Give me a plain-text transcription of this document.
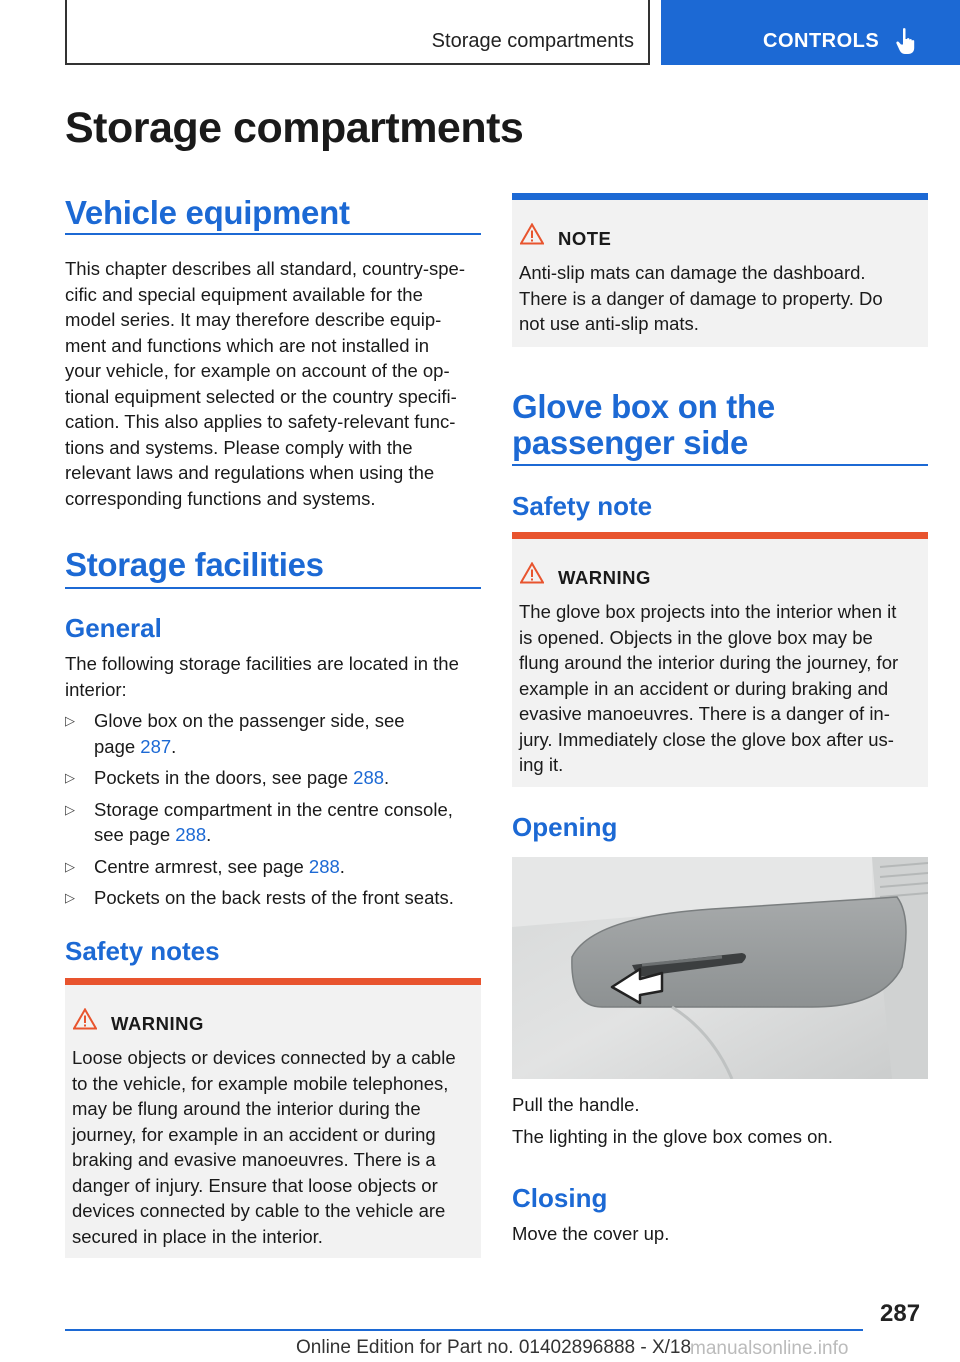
Storage compartments	CONTROLS
Storage compartments
Vehicle equipment
This chapter describes all standard, country-spe-
cific and special equipment available for the
model series. It may therefore describe equip-
ment and functions which are not installed in
your vehicle, for example on account of the op-
tional equipment selected or the country specifi-
cation. This also applies to safety-relevant func-
tions and systems. Please comply with the
relevant laws and regulations when using the
corresponding functions and systems.
Storage facilities
General
The following storage facilities are located in the
interior:
▷ Glove box on the passenger side, see
page 287.
▷ Pockets in the doors, see page 288.
▷ Storage compartment in the centre console,
see page 288.
▷ Centre armrest, see page 288.
▷ Pockets on the back rests of the front seats.
Safety notes
WARNING
Loose objects or devices connected by a cable
to the vehicle, for example mobile telephones,
may be flung around the interior during the
journey, for example in an accident or during
braking and evasive manoeuvres. There is a
danger of injury. Ensure that loose objects or
devices connected by cable to the vehicle are
secured in place in the interior.
NOTE
Anti-slip mats can damage the dashboard.
There is a danger of damage to property. Do
not use anti-slip mats.
Glove box on the
passenger side
Safety note
WARNING
The glove box projects into the interior when it
is opened. Objects in the glove box may be
flung around the interior during the journey, for
example in an accident or during braking and
evasive manoeuvres. There is a danger of in-
jury. Immediately close the glove box after us-
ing it.
Opening
Pull the handle.
The lighting in the glove box comes on.
Closing
Move the cover up.
287
Online Edition for Part no. 01402896888 - X/18
manualsonline.info
